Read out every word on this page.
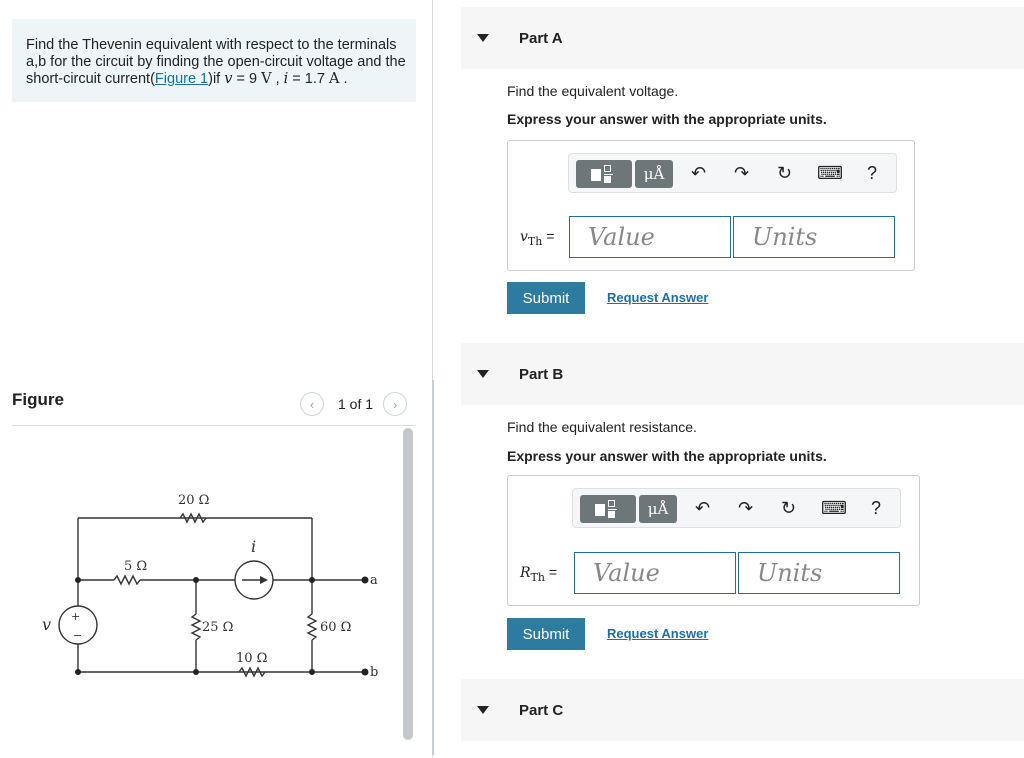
Find the Thevenin equivalent with respect to the terminals a,b for the circuit by finding the open-circuit voltage and the short-circuit current(Figure 1)if v = 9 V , i = 1.7 A .
Figure	‹ 1 of 1 ›
20 Ω
5 Ω
25 Ω
10 Ω
60 Ω
a
b
+
−
i
v
Part A
Find the equivalent voltage.
Express your answer with the appropriate units.
μÅ	↶ ↷ ↻ ⌨ ?
$v_{Th}$ =	Value	Units
Submit	Request Answer
Part B
Find the equivalent resistance.
Express your answer with the appropriate units.
μÅ	↶ ↷ ↻ ⌨ ?
$R_{Th}$ =	Value	Units
Submit	Request Answer
Part C
